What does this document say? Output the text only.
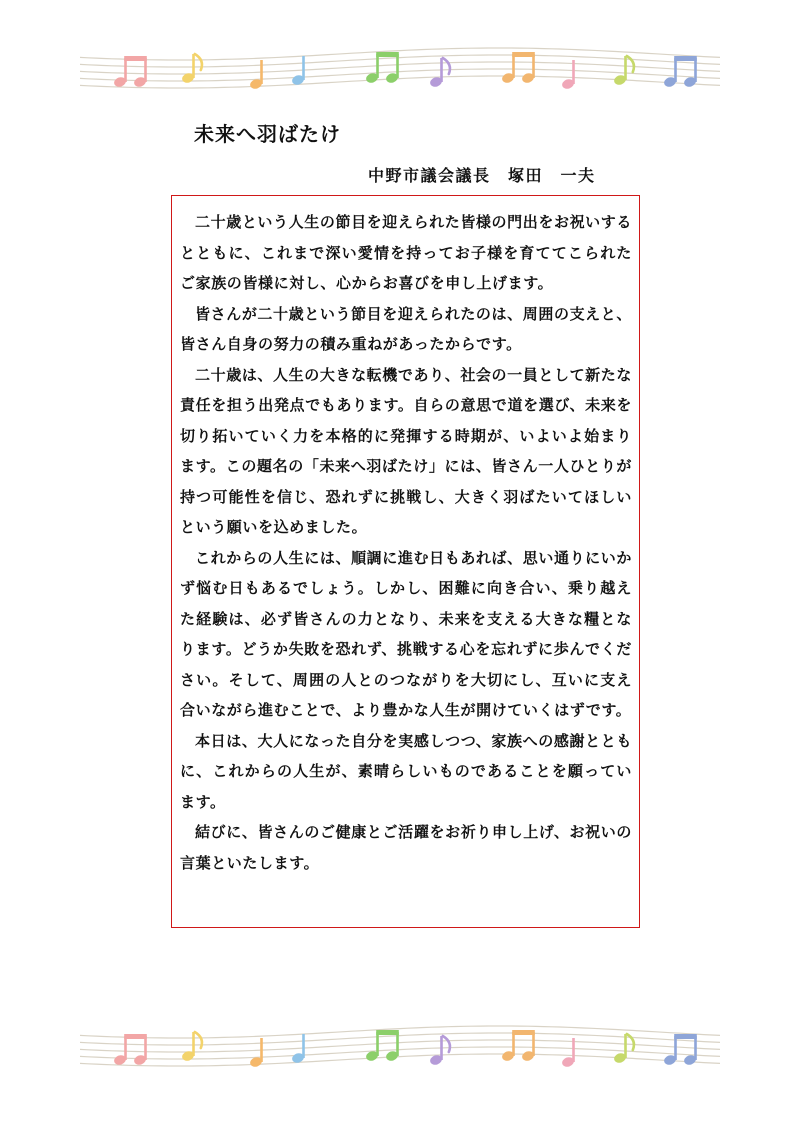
未来へ羽ばたけ
中野市議会議長　塚田　一夫

二十歳という人生の節目を迎えられた皆様の門出をお祝いするとともに、これまで深い愛情を持ってお子様を育ててこられたご家族の皆様に対し、心からお喜びを申し上げます。

皆さんが二十歳という節目を迎えられたのは、周囲の支えと、皆さん自身の努力の積み重ねがあったからです。

二十歳は、人生の大きな転機であり、社会の一員として新たな責任を担う出発点でもあります。自らの意思で道を選び、未来を切り拓いていく力を本格的に発揮する時期が、いよいよ始まります。この題名の「未来へ羽ばたけ」には、皆さん一人ひとりが持つ可能性を信じ、恐れずに挑戦し、大きく羽ばたいてほしいという願いを込めました。

これからの人生には、順調に進む日もあれば、思い通りにいかず悩む日もあるでしょう。しかし、困難に向き合い、乗り越えた経験は、必ず皆さんの力となり、未来を支える大きな糧となります。どうか失敗を恐れず、挑戦する心を忘れずに歩んでください。そして、周囲の人とのつながりを大切にし、互いに支え合いながら進むことで、より豊かな人生が開けていくはずです。

本日は、大人になった自分を実感しつつ、家族への感謝とともに、これからの人生が、素晴らしいものであることを願っています。

結びに、皆さんのご健康とご活躍をお祈り申し上げ、お祝いの言葉といたします。
